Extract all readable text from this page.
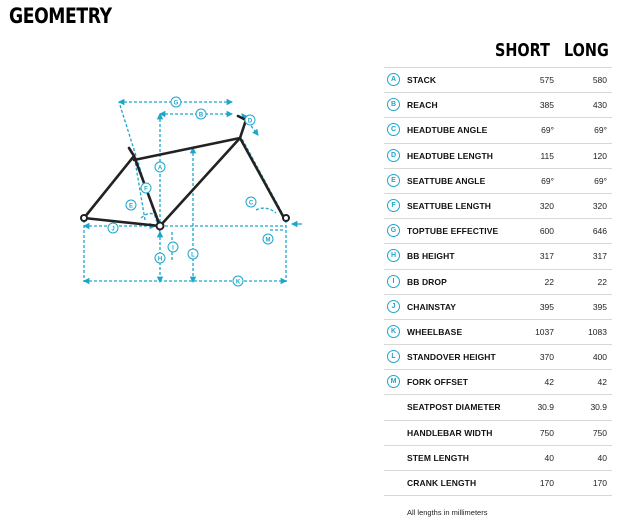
GEOMETRY
G
B
D
A
F
E	C
J
I
L
H
M
K
SHORT LONG
A	STACK	575	580
B	REACH	385	430
C	HEADTUBE ANGLE	69°	69°
D	HEADTUBE LENGTH	115	120
E	SEATTUBE ANGLE	69°	69°
F	SEATTUBE LENGTH	320	320
G	TOPTUBE EFFECTIVE	600	646
H	BB HEIGHT	317	317
I	BB DROP	22	22
J	CHAINSTAY	395	395
K	WHEELBASE	1037	1083
L	STANDOVER HEIGHT	370	400
M	FORK OFFSET	42	42
SEATPOST DIAMETER	30.9	30.9
HANDLEBAR WIDTH	750	750
STEM LENGTH	40	40
CRANK LENGTH	170	170
All lengths in millimeters
